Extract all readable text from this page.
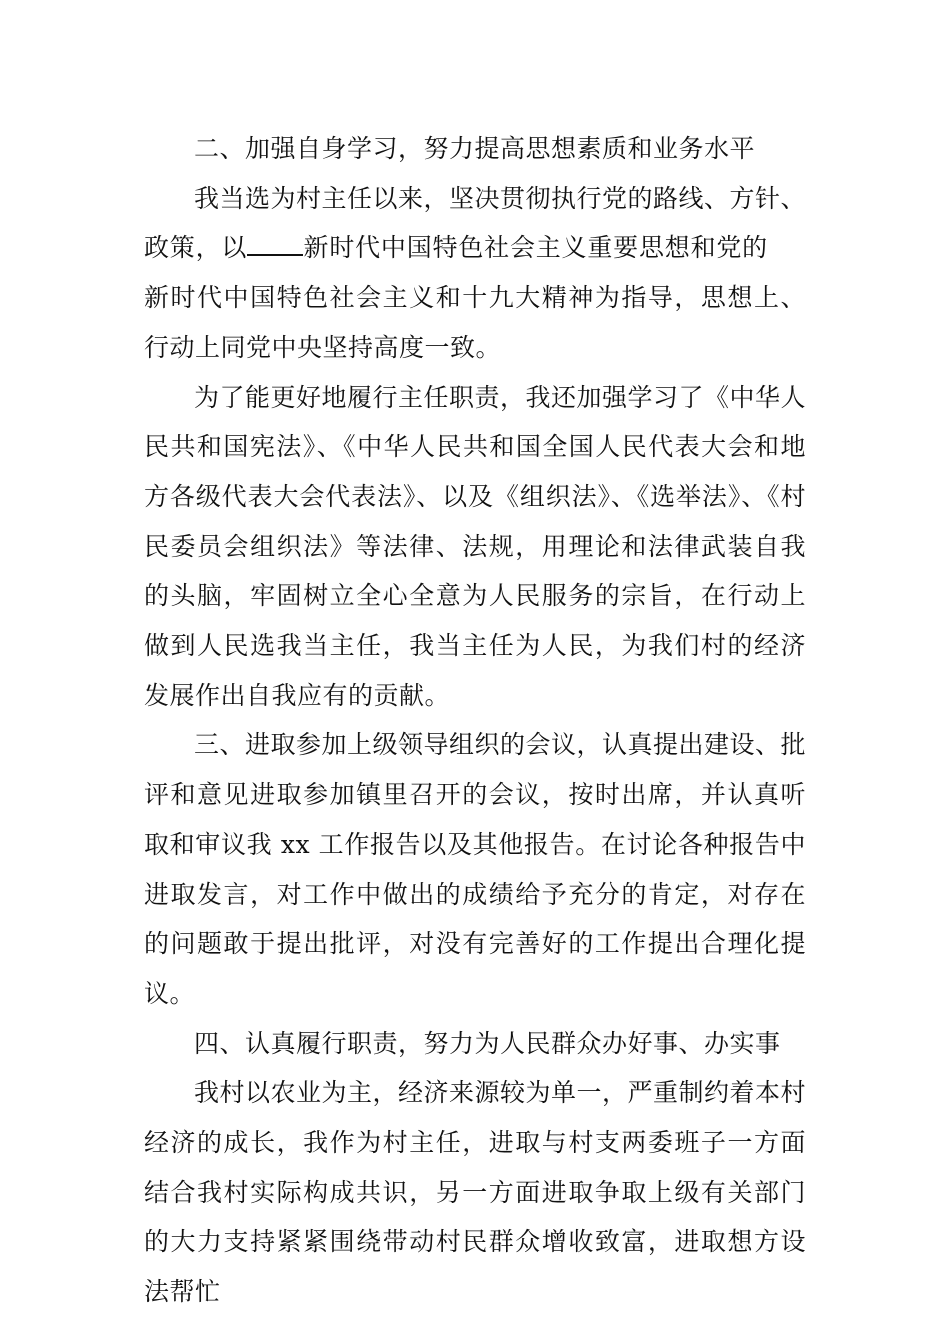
二、加强自身学习，努力提高思想素质和业务水平

我当选为村主任以来，坚决贯彻执行党的路线、方针、政策，以 新时代中国特色社会主义重要思想和党的新时代中国特色社会主义和十九大精神为指导，思想上、行动上同党中央坚持高度一致。

为了能更好地履行主任职责，我还加强学习了《中华人民共和国宪法》、《中华人民共和国全国人民代表大会和地方各级代表大会代表法》、以及《组织法》、《选举法》、《村民委员会组织法》等法律、法规，用理论和法律武装自我的头脑，牢固树立全心全意为人民服务的宗旨，在行动上做到人民选我当主任，我当主任为人民，为我们村的经济发展作出自我应有的贡献。

三、进取参加上级领导组织的会议，认真提出建设、批评和意见进取参加镇里召开的会议，按时出席，并认真听取和审议我 xx 工作报告以及其他报告。在讨论各种报告中进取发言，对工作中做出的成绩给予充分的肯定，对存在的问题敢于提出批评，对没有完善好的工作提出合理化提议。

四、认真履行职责，努力为人民群众办好事、办实事

我村以农业为主，经济来源较为单一，严重制约着本村经济的成长，我作为村主任，进取与村支两委班子一方面结合我村实际构成共识，另一方面进取争取上级有关部门的大力支持紧紧围绕带动村民群众增收致富，进取想方设法帮忙
